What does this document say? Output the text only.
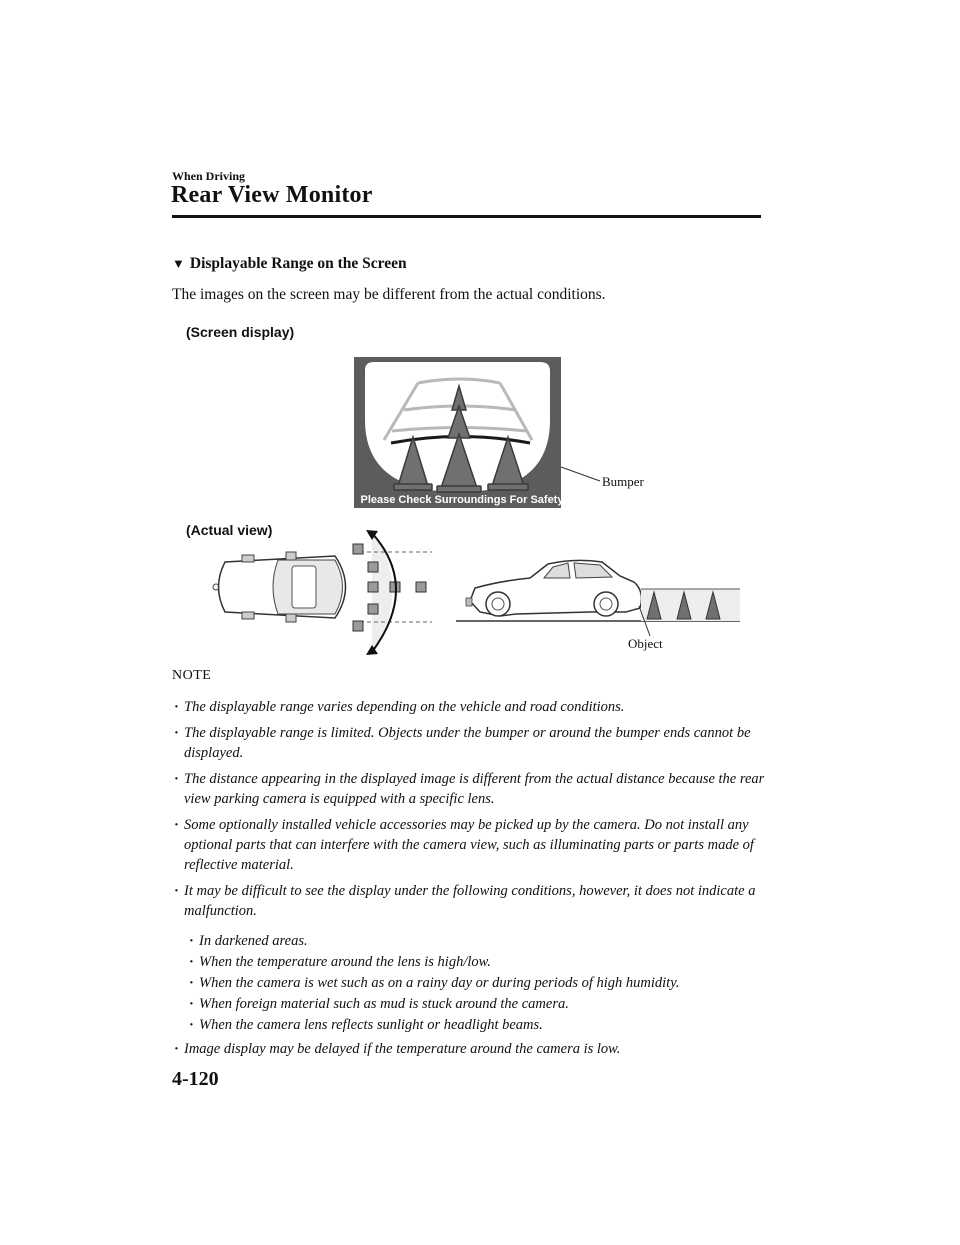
When Driving
Rear View Monitor
▼ Displayable Range on the Screen
The images on the screen may be different from the actual conditions.
(Screen display)
(Actual view)
Bumper
Object
Please Check Surroundings For Safety
NOTE
· The displayable range varies depending on the vehicle and road conditions.
· The displayable range is limited. Objects under the bumper or around the bumper ends cannot be displayed.
· The distance appearing in the displayed image is different from the actual distance because the rear view parking camera is equipped with a specific lens.
· Some optionally installed vehicle accessories may be picked up by the camera. Do not install any optional parts that can interfere with the camera view, such as illuminating parts or parts made of reflective material.
· It may be difficult to see the display under the following conditions, however, it does not indicate a malfunction.
· In darkened areas.
· When the temperature around the lens is high/low.
· When the camera is wet such as on a rainy day or during periods of high humidity.
· When foreign material such as mud is stuck around the camera.
· When the camera lens reflects sunlight or headlight beams.
· Image display may be delayed if the temperature around the camera is low.
4-120
